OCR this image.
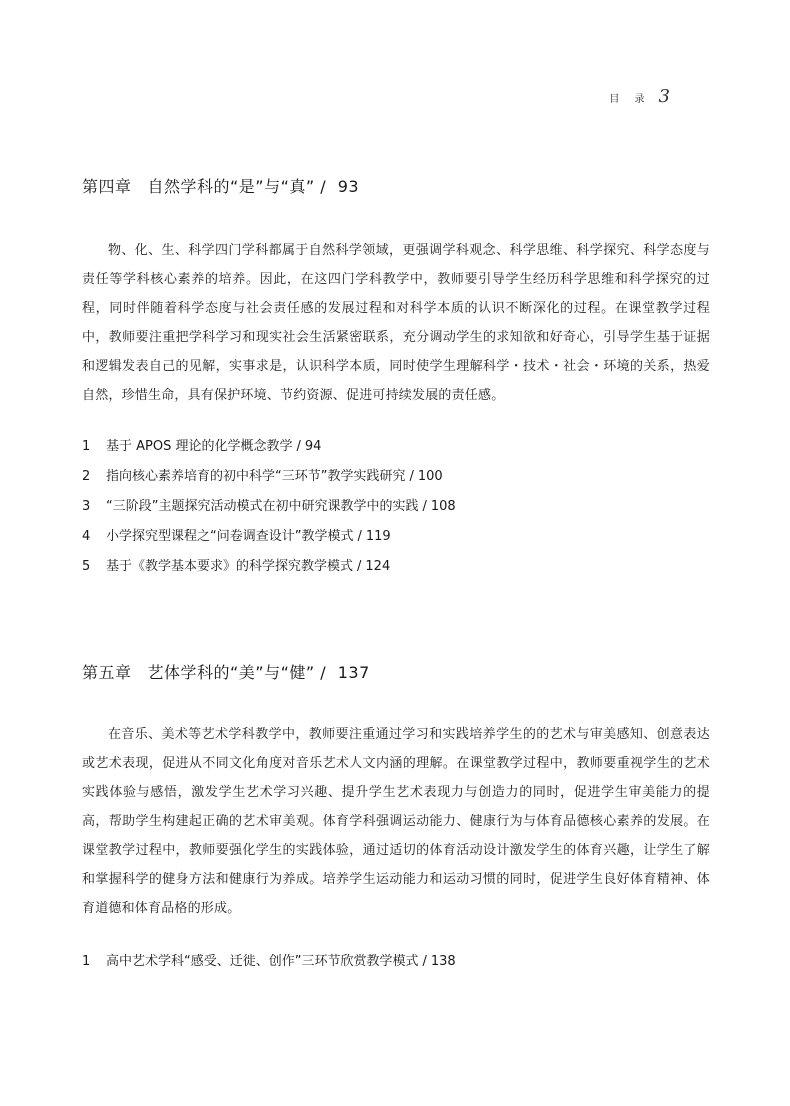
目 录 3
第四章 自然学科的“是”与“真” / 93

物、化、生、科学四门学科都属于自然科学领域，更强调学科观念、科学思维、科学探究、科学态度与责任等学科核心素养的培养。因此，在这四门学科教学中，教师要引导学生经历科学思维和科学探究的过程，同时伴随着科学态度与社会责任感的发展过程和对科学本质的认识不断深化的过程。在课堂教学过程中，教师要注重把学科学习和现实社会生活紧密联系，充分调动学生的求知欲和好奇心，引导学生基于证据和逻辑发表自己的见解，实事求是，认识科学本质，同时使学生理解科学・技术・社会・环境的关系，热爱自然，珍惜生命，具有保护环境、节约资源、促进可持续发展的责任感。

1	基于 APOS 理论的化学概念教学 / 94
2	指向核心素养培育的初中科学“三环节”教学实践研究 / 100
3	“三阶段”主题探究活动模式在初中研究课教学中的实践 / 108
4	小学探究型课程之“问卷调查设计”教学模式 / 119
5	基于《教学基本要求》的科学探究教学模式 / 124
第五章 艺体学科的“美”与“健” / 137

在音乐、美术等艺术学科教学中，教师要注重通过学习和实践培养学生的的艺术与审美感知、创意表达或艺术表现，促进从不同文化角度对音乐艺术人文内涵的理解。在课堂教学过程中，教师要重视学生的艺术实践体验与感悟，激发学生艺术学习兴趣、提升学生艺术表现力与创造力的同时，促进学生审美能力的提高，帮助学生构建起正确的艺术审美观。体育学科强调运动能力、健康行为与体育品德核心素养的发展。在课堂教学过程中，教师要强化学生的实践体验，通过适切的体育活动设计激发学生的体育兴趣，让学生了解和掌握科学的健身方法和健康行为养成。培养学生运动能力和运动习惯的同时，促进学生良好体育精神、体育道德和体育品格的形成。

1	高中艺术学科“感受、迁徙、创作”三环节欣赏教学模式 / 138
